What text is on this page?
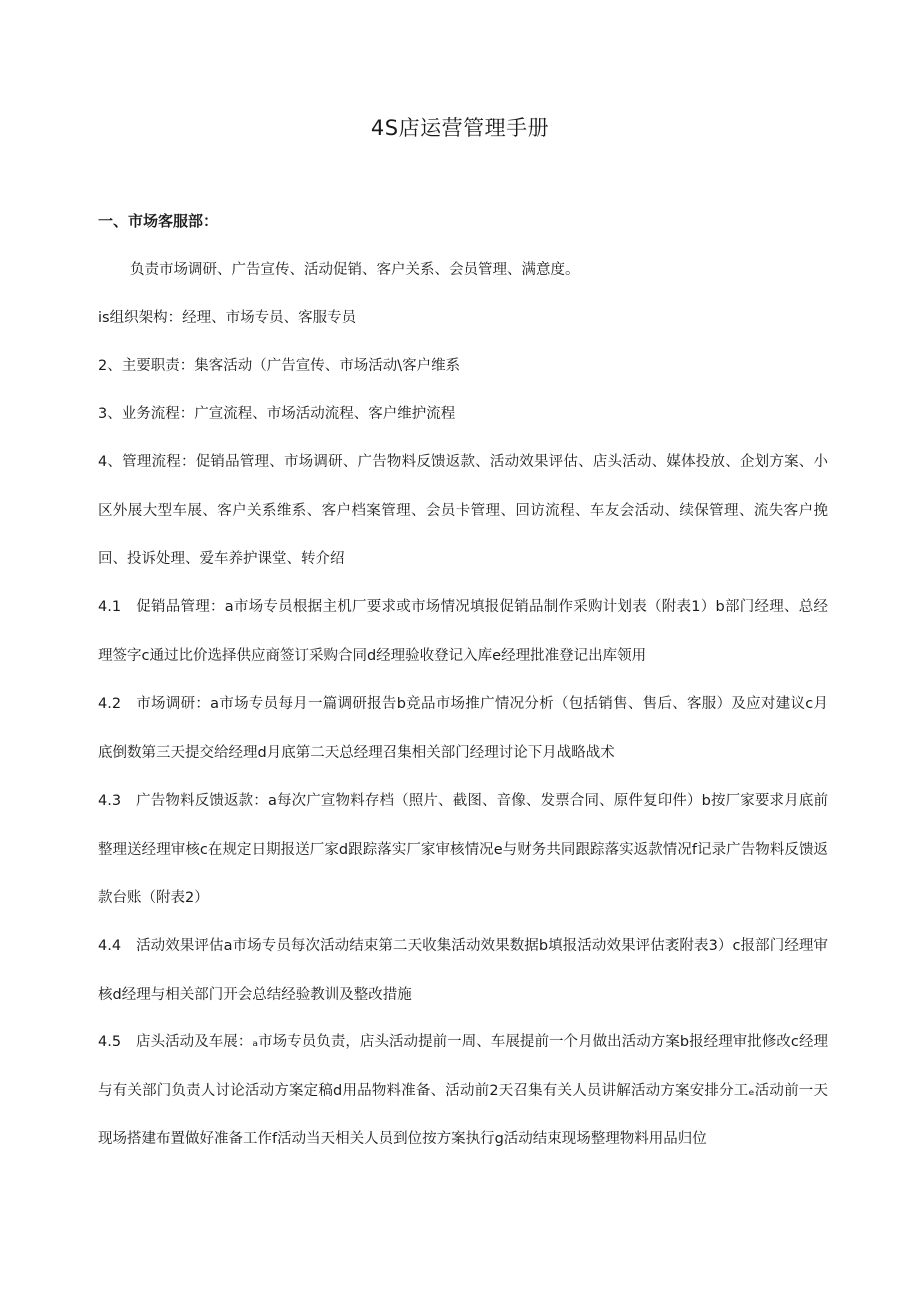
4S店运营管理手册
一、市场客服部：

负责市场调研、广告宣传、活动促销、客户关系、会员管理、满意度。

is组织架构：经理、市场专员、客服专员

2、主要职责：集客活动（广告宣传、市场活动\客户维系

3、业务流程：广宣流程、市场活动流程、客户维护流程

4、管理流程：促销品管理、市场调研、广告物料反馈返款、活动效果评估、店头活动、媒体投放、企划方案、小区外展大型车展、客户关系维系、客户档案管理、会员卡管理、回访流程、车友会活动、续保管理、流失客户挽回、投诉处理、爱车养护课堂、转介绍

4.1 促销品管理：a市场专员根据主机厂要求或市场情况填报促销品制作采购计划表（附表1）b部门经理、总经理签字c通过比价选择供应商签订采购合同d经理验收登记入库e经理批准登记出库领用

4.2 市场调研：a市场专员每月一篇调研报告b竞品市场推广情况分析（包括销售、售后、客服）及应对建议c月底倒数第三天提交给经理d月底第二天总经理召集相关部门经理讨论下月战略战术

4.3 广告物料反馈返款：a每次广宣物料存档（照片、截图、音像、发票合同、原件复印件）b按厂家要求月底前整理送经理审核c在规定日期报送厂家d跟踪落实厂家审核情况e与财务共同跟踪落实返款情况f记录广告物料反馈返款台账（附表2）

4.4 活动效果评估a市场专员每次活动结束第二天收集活动效果数据b填报活动效果评估袤附表3）c报部门经理审核d经理与相关部门开会总结经验教训及整改措施

4.5 店头活动及车展：ₐ市场专员负责，店头活动提前一周、车展提前一个月做出活动方案b报经理审批修改c经理与有关部门负责人讨论活动方案定稿d用品物料准备、活动前2天召集有关人员讲解活动方案安排分工ₑ活动前一天现场搭建布置做好准备工作f活动当天相关人员到位按方案执行g活动结束现场整理物料用品归位
